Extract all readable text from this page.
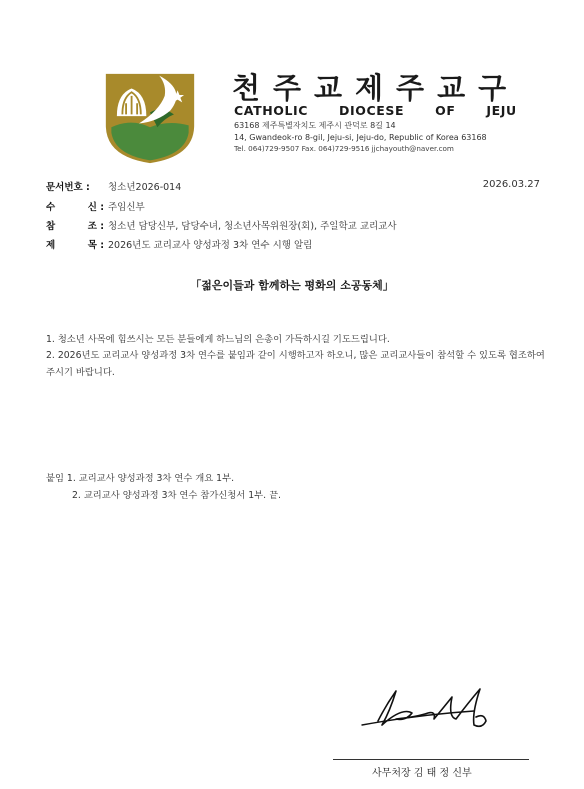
천주교제주교구
CATHOLIC DIOCESE OF JEJU
63168 제주특별자치도 제주시 관덕로 8길 14
14, Gwandeok-ro 8-gil, Jeju-si, Jeju-do, Republic of Korea 63168
Tel. 064)729-9507 Fax. 064)729-9516 jjchayouth@naver.com
문서번호 :	청소년2026-014	2026.03.27
수	신 : 주임신부
참	조 : 청소년 담당신부, 담당수녀, 청소년사목위원장(회), 주일학교 교리교사
제	목 : 2026년도 교리교사 양성과정 3차 연수 시행 알림
「젊은이들과 함께하는 평화의 소공동체」
1. 청소년 사목에 힘쓰시는 모든 분들에게 하느님의 은총이 가득하시길 기도드립니다.
2. 2026년도 교리교사 양성과정 3차 연수를 붙임과 같이 시행하고자 하오니, 많은 교리교사들이 참석할 수 있도록 협조하여 주시기 바랍니다.
붙임 1. 교리교사 양성과정 3차 연수 개요 1부.
2. 교리교사 양성과정 3차 연수 참가신청서 1부. 끝.
사무처장 김 태 정 신부
